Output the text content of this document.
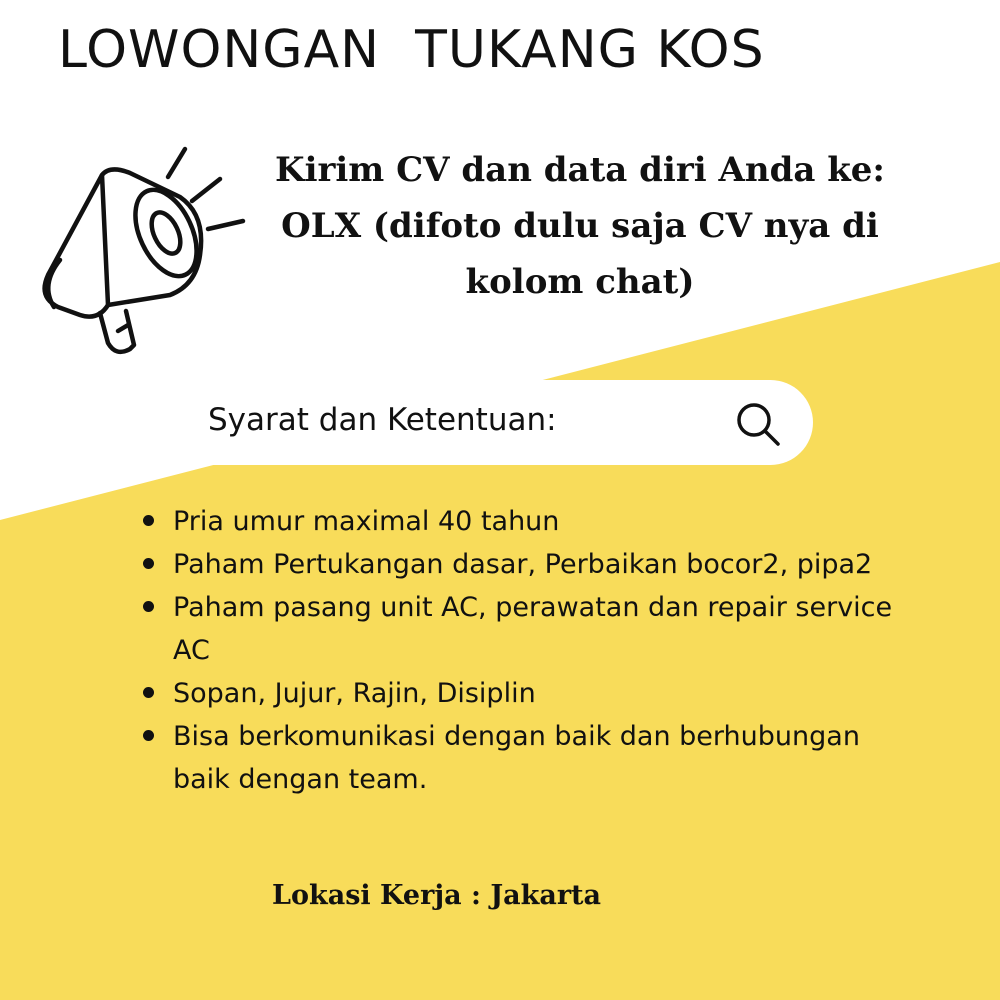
LOWONGAN  TUKANG KOS

Kirim CV dan data diri Anda ke:
OLX (difoto dulu saja CV nya di
kolom chat)

Syarat dan Ketentuan:

Pria umur maximal 40 tahun
Paham Pertukangan dasar, Perbaikan bocor2, pipa2
Paham pasang unit AC, perawatan dan repair service AC
Sopan, Jujur, Rajin, Disiplin
Bisa berkomunikasi dengan baik dan berhubungan baik dengan team.

Lokasi Kerja : Jakarta
